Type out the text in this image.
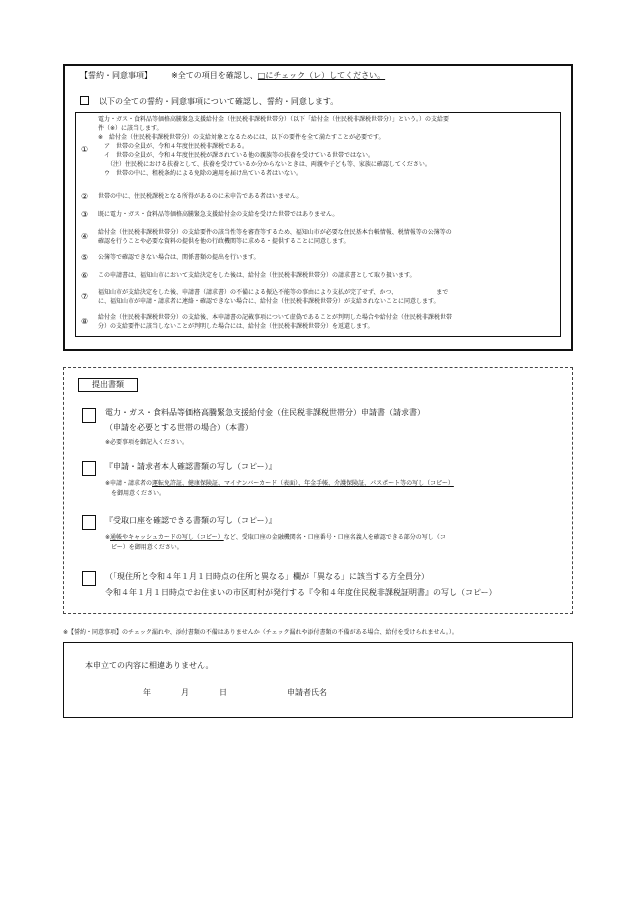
【誓約・同意事項】 ※全ての項目を確認し、□にチェック（レ）してください。
以下の全ての誓約・同意事項について確認し、誓約・同意します。
①
電力・ガス・食料品等価格高騰緊急支援給付金（住民税非課税世帯分）（以下「給付金（住民税非課税世帯分）」という。）の支給要
件（※）に該当します。
※　給付金（住民税非課税世帯分）の支給対象となるためには、以下の要件を全て満たすことが必要です。
　ア　世帯の全員が、令和４年度住民税非課税である。
　イ　世帯の全員が、令和４年度住民税が課されている他の親族等の扶養を受けている世帯ではない。
　　（注）住民税における扶養として、扶養を受けているか分からないときは、両親や子ども等、家族に確認してください。
　ウ　世帯の中に、租税条約による免除の適用を届け出ている者はいない。
② 世帯の中に、住民税課税となる所得があるのに未申告である者はいません。
③ 既に電力・ガス・食料品等価格高騰緊急支援給付金の支給を受けた世帯ではありません。
④ 給付金（住民税非課税世帯分）の支給要件の該当性等を審査等するため、福知山市が必要な住民基本台帳情報、税情報等の公簿等の
確認を行うことや必要な資料の提供を他の行政機関等に求める・提供することに同意します。
⑤ 公簿等で確認できない場合は、関係書類の提出を行います。
⑥ この申請書は、福知山市において支給決定をした後は、給付金（住民税非課税世帯分）の請求書として取り扱います。
⑦ 福知山市が支給決定をした後、申請書（請求書）の不備による振込不能等の事由により支払が完了せず、かつ、　　　　　　　まで
に、福知山市が申請・請求者に連絡・確認できない場合に、給付金（住民税非課税世帯分）が支給されないことに同意します。
⑧ 給付金（住民税非課税世帯分）の支給後、本申請書の記載事項について虚偽であることが判明した場合や給付金（住民税非課税世帯
分）の支給要件に該当しないことが判明した場合には、給付金（住民税非課税世帯分）を返還します。
提出書類
電力・ガス・食料品等価格高騰緊急支援給付金（住民税非課税世帯分）申請書（請求書）
（申請を必要とする世帯の場合）（本書）
※必要事項を御記入ください。
『申請・請求者本人確認書類の写し（コピー）』
※申請・請求者の運転免許証、健康保険証、マイナンバーカード（表面）、年金手帳、介護保険証、パスポート等の写し（コピー）
を御用意ください。
『受取口座を確認できる書類の写し（コピー）』
※通帳やキャッシュカードの写し（コピー）など、受取口座の金融機関名・口座番号・口座名義人を確認できる部分の写し（コ
ピー）を御用意ください。
（「現住所と令和４年１月１日時点の住所と異なる」欄が「異なる」に該当する方全員分）
令和４年１月１日時点でお住まいの市区町村が発行する『令和４年度住民税非課税証明書』の写し（コピー）
※【誓約・同意事項】のチェック漏れや、添付書類の不備はありませんか（チェック漏れや添付書類の不備がある場合、給付を受けられません。）。
本申立ての内容に相違ありません。
年	月	日	申請者氏名
